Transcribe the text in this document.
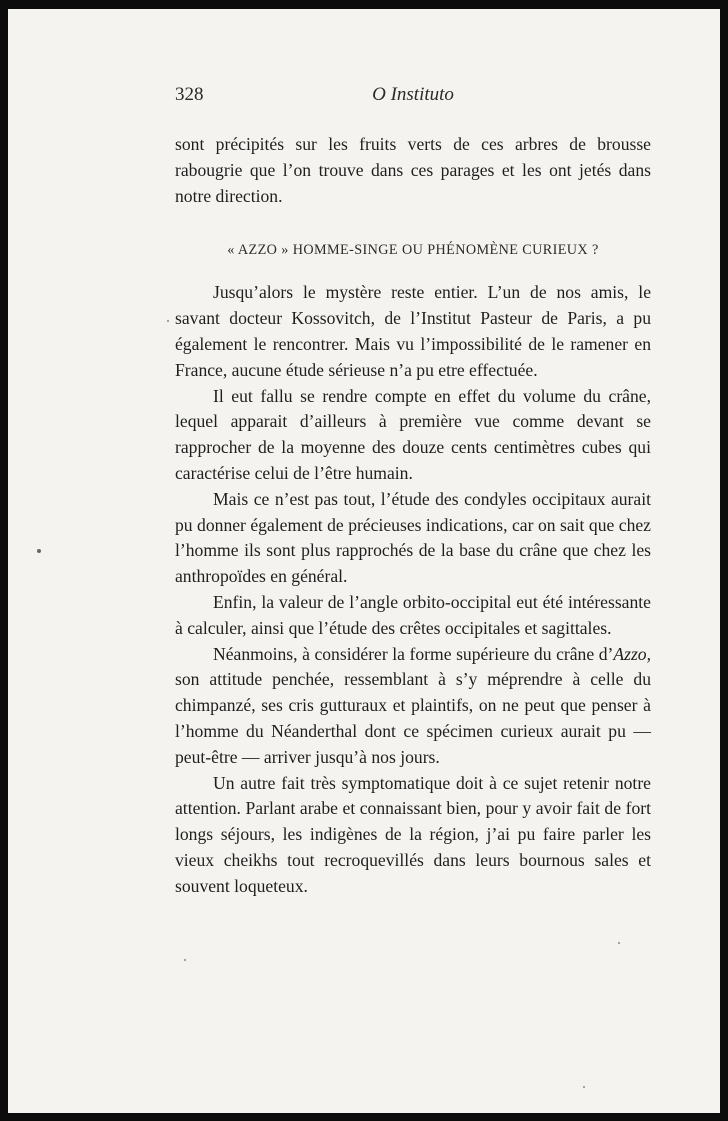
328	O Instituto

sont précipités sur les fruits verts de ces arbres de brousse rabougrie que l’on trouve dans ces parages et les ont jetés dans notre direction.

« AZZO » HOMME-SINGE OU PHÉNOMÈNE CURIEUX ?

Jusqu’alors le mystère reste entier. L’un de nos amis, le savant docteur Kossovitch, de l’Institut Pasteur de Paris, a pu également le rencontrer. Mais vu l’impossibilité de le ramener en France, aucune étude sérieuse n’a pu etre effectuée.

Il eut fallu se rendre compte en effet du volume du crâne, lequel apparait d’ailleurs à première vue comme devant se rapprocher de la moyenne des douze cents centimètres cubes qui caractérise celui de l’être humain.

Mais ce n’est pas tout, l’étude des condyles occipitaux aurait pu donner également de précieuses indications, car on sait que chez l’homme ils sont plus rapprochés de la base du crâne que chez les anthropoïdes en général.

Enfin, la valeur de l’angle orbito-occipital eut été intéressante à calculer, ainsi que l’étude des crêtes occipitales et sagittales.

Néanmoins, à considérer la forme supérieure du crâne d’Azzo, son attitude penchée, ressemblant à s’y méprendre à celle du chimpanzé, ses cris gutturaux et plaintifs, on ne peut que penser à l’homme du Néanderthal dont ce spécimen curieux aurait pu — peut-être — arriver jusqu’à nos jours.

Un autre fait très symptomatique doit à ce sujet retenir notre attention. Parlant arabe et connaissant bien, pour y avoir fait de fort longs séjours, les indigènes de la région, j’ai pu faire parler les vieux cheikhs tout recroquevillés dans leurs bournous sales et souvent loqueteux.
